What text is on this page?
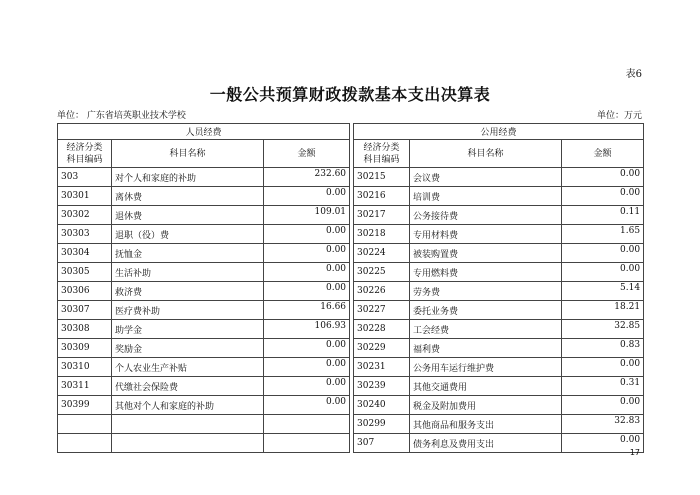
表6
一般公共预算财政拨款基本支出决算表
单位： 广东省培英职业技术学校	单位：万元
人员经费				公用经费		
经济分类
科目编码	科目名称	金额		经济分类
科目编码	科目名称	金额
303	对个人和家庭的补助	232.60		30215	会议费	0.00
30301	离休费	0.00		30216	培训费	0.00
30302	退休费	109.01		30217	公务接待费	0.11
30303	退职（役）费	0.00		30218	专用材料费	1.65
30304	抚恤金	0.00		30224	被装购置费	0.00
30305	生活补助	0.00		30225	专用燃料费	0.00
30306	救济费	0.00		30226	劳务费	5.14
30307	医疗费补助	16.66		30227	委托业务费	18.21
30308	助学金	106.93		30228	工会经费	32.85
30309	奖励金	0.00		30229	福利费	0.83
30310	个人农业生产补贴	0.00		30231	公务用车运行维护费	0.00
30311	代缴社会保险费	0.00		30239	其他交通费用	0.31
30399	其他对个人和家庭的补助	0.00		30240	税金及附加费用	0.00
				30299	其他商品和服务支出	32.83
				307	债务利息及费用支出	0.00
17
